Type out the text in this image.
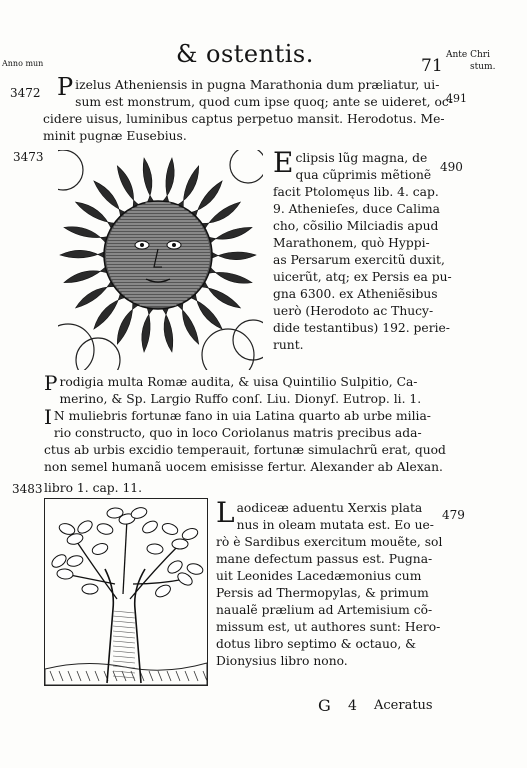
Anno mun	& ostentis.	71
Ante Chri
stum.
491
3472 P izelus Atheniensis in pugna Marathonia dum præliatur, ui-
sum est monstrum, quod cum ipse quoq; ante se uideret, oc-
cidere uisus, luminibus captus perpetuo mansit. Herodotus. Me-
minit pugnæ Eusebius.
3473
490
E clipsis lũg magna, de
qua cũprimis mẽtionẽ
facit Ptolomęus lib. 4. cap.
9. Athenieſes, duce Calima
cho, cõsilio Milciadis apud
Marathonem, quò Hyppi-
as Persarum exercitũ duxit,
uicerũt, atq; ex Persis ea pu-
gna 6300. ex Atheniẽsibus
uerò (Herodoto ac Thucy-
dide testantibus) 192. perie-
runt.
P rodigia multa Romæ audita, & uisa Quintilio Sulpitio, Ca-
merino, & Sp. Largio Ruffo conſ. Liu. Dionyſ. Eutrop. li. 1.
I N muliebris fortunæ fano in uia Latina quarto ab urbe milia-
rio constructo, quo in loco Coriolanus matris precibus ada-
ctus ab urbis excidio temperauit, fortunæ simulachrũ erat, quod
non semel humanã uocem emisisse fertur. Alexander ab Alexan.
3483 libro 1. cap. 11.
479
L aodiceæ aduentu Xerxis plata
nus in oleam mutata est. Eo ue-
rò è Sardibus exercitum mouẽte, sol
mane defectum passus est. Pugna-
uit Leonides Lacedæmonius cum
Persis ad Thermopylas, & primum
naualẽ prælium ad Artemisium cõ-
missum est, ut authores sunt: Hero-
dotus libro septimo & octauo, &
Dionysius libro nono.
G 4 Aceratus
